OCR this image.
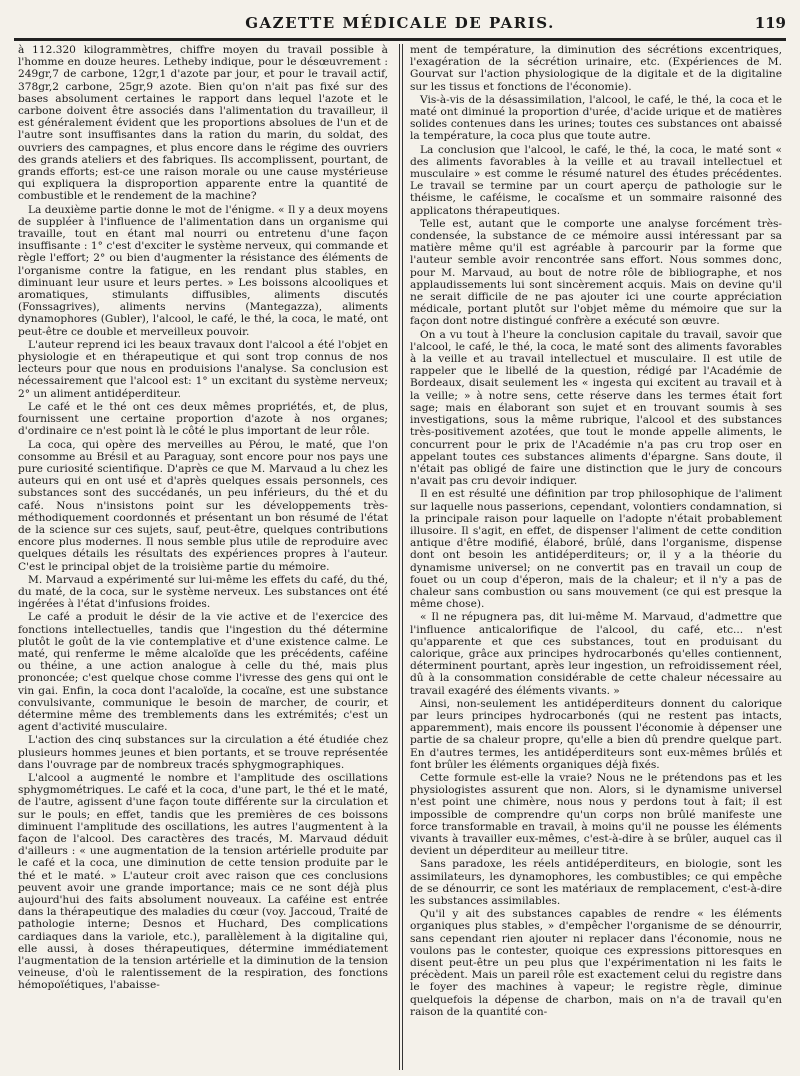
GAZETTE MÉDICALE DE PARIS.	119

à 112.320 kilogrammètres, chiffre moyen du travail possible à l'homme en douze heures. Letheby indique, pour le désœuvrement : 249gr,7 de carbone, 12gr,1 d'azote par jour, et pour le travail actif, 378gr,2 carbone, 25gr,9 azote. Bien qu'on n'ait pas fixé sur des bases absolument certaines le rapport dans lequel l'azote et le carbone doivent être associés dans l'alimentation du travailleur, il est généralement évident que les proportions absolues de l'un et de l'autre sont insuffisantes dans la ration du marin, du soldat, des ouvriers des campagnes, et plus encore dans le régime des ouvriers des grands ateliers et des fabriques. Ils accomplissent, pourtant, de grands efforts; est-ce une raison morale ou une cause mystérieuse qui expliquera la disproportion apparente entre la quantité de combustible et le rendement de la machine?

La deuxième partie donne le mot de l'énigme. « Il y a deux moyens de suppléer à l'influence de l'alimentation dans un organisme qui travaille, tout en étant mal nourri ou entretenu d'une façon insuffisante : 1° c'est d'exciter le système nerveux, qui commande et règle l'effort; 2° ou bien d'augmenter la résistance des éléments de l'organisme contre la fatigue, en les rendant plus stables, en diminuant leur usure et leurs pertes. » Les boissons alcooliques et aromatiques, stimulants diffusibles, aliments discutés (Fonssagrives), aliments nervins (Mantegazza), aliments dynamophores (Gubler), l'alcool, le café, le thé, la coca, le maté, ont peut-être ce double et merveilleux pouvoir.

L'auteur reprend ici les beaux travaux dont l'alcool a été l'objet en physiologie et en thérapeutique et qui sont trop connus de nos lecteurs pour que nous en produisions l'analyse. Sa conclusion est nécessairement que l'alcool est: 1° un excitant du système nerveux; 2° un aliment antidéperditeur.

Le café et le thé ont ces deux mêmes propriétés, et, de plus, fournissent une certaine proportion d'azote à nos organes; d'ordinaire ce n'est point là le côté le plus important de leur rôle.

La coca, qui opère des merveilles au Pérou, le maté, que l'on consomme au Brésil et au Paraguay, sont encore pour nos pays une pure curiosité scientifique. D'après ce que M. Marvaud a lu chez les auteurs qui en ont usé et d'après quelques essais personnels, ces substances sont des succédanés, un peu inférieurs, du thé et du café. Nous n'insistons point sur les développements très-méthodiquement coordonnés et présentant un bon résumé de l'état de la science sur ces sujets, sauf, peut-être, quelques contributions encore plus modernes. Il nous semble plus utile de reproduire avec quelques détails les résultats des expériences propres à l'auteur. C'est le principal objet de la troisième partie du mémoire.

M. Marvaud a expérimenté sur lui-même les effets du café, du thé, du maté, de la coca, sur le système nerveux. Les substances ont été ingérées à l'état d'infusions froides.

Le café a produit le désir de la vie active et de l'exercice des fonctions intellectuelles, tandis que l'ingestion du thé détermine plutôt le goût de la vie contemplative et d'une existence calme. Le maté, qui renferme le même alcaloïde que les précédents, caféine ou théine, a une action analogue à celle du thé, mais plus prononcée; c'est quelque chose comme l'ivresse des gens qui ont le vin gai. Enfin, la coca dont l'acaloïde, la cocaïne, est une substance convulsivante, communique le besoin de marcher, de courir, et détermine même des tremblements dans les extrémités; c'est un agent d'activité musculaire.

L'action des cinq substances sur la circulation a été étudiée chez plusieurs hommes jeunes et bien portants, et se trouve représentée dans l'ouvrage par de nombreux tracés sphygmographiques.

L'alcool a augmenté le nombre et l'amplitude des oscillations sphygmométriques. Le café et la coca, d'une part, le thé et le maté, de l'autre, agissent d'une façon toute différente sur la circulation et sur le pouls; en effet, tandis que les premières de ces boissons diminuent l'amplitude des oscillations, les autres l'augmentent à la façon de l'alcool. Des caractères des tracés, M. Marvaud déduit d'ailleurs : « une augmentation de la tension artérielle produite par le café et la coca, une diminution de cette tension produite par le thé et le maté. » L'auteur croit avec raison que ces conclusions peuvent avoir une grande importance; mais ce ne sont déjà plus aujourd'hui des faits absolument nouveaux. La caféine est entrée dans la thérapeutique des maladies du cœur (voy. Jaccoud, Traité de pathologie interne; Desnos et Huchard, Des complications cardiaques dans la variole, etc.), parallèlement à la digitaline qui, elle aussi, à doses thérapeutiques, détermine immédiatement l'augmentation de la tension artérielle et la diminution de la tension veineuse, d'où le ralentissement de la respiration, des fonctions hémopoïétiques, l'abaisse-

ment de température, la diminution des sécrétions excentriques, l'exagération de la sécrétion urinaire, etc. (Expériences de M. Gourvat sur l'action physiologique de la digitale et de la digitaline sur les tissus et fonctions de l'économie).

Vis-à-vis de la désassimilation, l'alcool, le café, le thé, la coca et le maté ont diminué la proportion d'urée, d'acide urique et de matières solides contenues dans les urines; toutes ces substances ont abaissé la température, la coca plus que toute autre.

La conclusion que l'alcool, le café, le thé, la coca, le maté sont « des aliments favorables à la veille et au travail intellectuel et musculaire » est comme le résumé naturel des études précédentes. Le travail se termine par un court aperçu de pathologie sur le théisme, le caféisme, le cocaïsme et un sommaire raisonné des applicatons thérapeutiques.

Telle est, autant que le comporte une analyse forcément très-condensée, la substance de ce mémoire aussi intéressant par sa matière même qu'il est agréable à parcourir par la forme que l'auteur semble avoir rencontrée sans effort. Nous sommes donc, pour M. Marvaud, au bout de notre rôle de bibliographe, et nos applaudissements lui sont sincèrement acquis. Mais on devine qu'il ne serait difficile de ne pas ajouter ici une courte appréciation médicale, portant plutôt sur l'objet même du mémoire que sur la façon dont notre distingué confrère a exécuté son œuvre.

On a vu tout à l'heure la conclusion capitale du travail, savoir que l'alcool, le café, le thé, la coca, le maté sont des aliments favorables à la veille et au travail intellectuel et musculaire. Il est utile de rappeler que le libellé de la question, rédigé par l'Académie de Bordeaux, disait seulement les « ingesta qui excitent au travail et à la veille; » à notre sens, cette réserve dans les termes était fort sage; mais en élaborant son sujet et en trouvant soumis à ses investigations, sous la même rubrique, l'alcool et des substances très-positivement azotées, que tout le monde appelle aliments, le concurrent pour le prix de l'Académie n'a pas cru trop oser en appelant toutes ces substances aliments d'épargne. Sans doute, il n'était pas obligé de faire une distinction que le jury de concours n'avait pas cru devoir indiquer.

Il en est résulté une définition par trop philosophique de l'aliment sur laquelle nous passerions, cependant, volontiers condamnation, si la principale raison pour laquelle on l'adopte n'était probablement illusoire. Il s'agit, en effet, de dispenser l'aliment de cette condition antique d'être modifié, élaboré, brûlé, dans l'organisme, dispense dont ont besoin les antidéperditeurs; or, il y a la théorie du dynamisme universel; on ne convertit pas en travail un coup de fouet ou un coup d'éperon, mais de la chaleur; et il n'y a pas de chaleur sans combustion ou sans mouvement (ce qui est presque la même chose).

« Il ne répugnera pas, dit lui-même M. Marvaud, d'admettre que l'influence anticalorifique de l'alcool, du café, etc... n'est qu'apparente et que ces substances, tout en produisant du calorique, grâce aux principes hydrocarbonés qu'elles contiennent, déterminent pourtant, après leur ingestion, un refroidissement réel, dû à la consommation considérable de cette chaleur nécessaire au travail exagéré des éléments vivants. »

Ainsi, non-seulement les antidéperditeurs donnent du calorique par leurs principes hydrocarbonés (qui ne restent pas intacts, apparemment), mais encore ils poussent l'économie à dépenser une partie de sa chaleur propre, qu'elle a bien dû prendre quelque part. En d'autres termes, les antidéperditeurs sont eux-mêmes brûlés et font brûler les éléments organiques déjà fixés.

Cette formule est-elle la vraie? Nous ne le prétendons pas et les physiologistes assurent que non. Alors, si le dynamisme universel n'est point une chimère, nous nous y perdons tout à fait; il est impossible de comprendre qu'un corps non brûlé manifeste une force transformable en travail, à moins qu'il ne pousse les éléments vivants à travailler eux-mêmes, c'est-à-dire à se brûler, auquel cas il devient un déperditeur au meilleur titre.

Sans paradoxe, les réels antidéperditeurs, en biologie, sont les assimilateurs, les dynamophores, les combustibles; ce qui empêche de se dénourrir, ce sont les matériaux de remplacement, c'est-à-dire les substances assimilables.

Qu'il y ait des substances capables de rendre « les éléments organiques plus stables, » d'empêcher l'organisme de se dénourrir, sans cependant rien ajouter ni replacer dans l'économie, nous ne voulons pas le contester, quoique ces expressions pittoresques en disent peut-être un peu plus que l'expérimentation ni les faits le précèdent. Mais un pareil rôle est exactement celui du registre dans le foyer des machines à vapeur; le registre règle, diminue quelquefois la dépense de charbon, mais on n'a de travail qu'en raison de la quantité con-
